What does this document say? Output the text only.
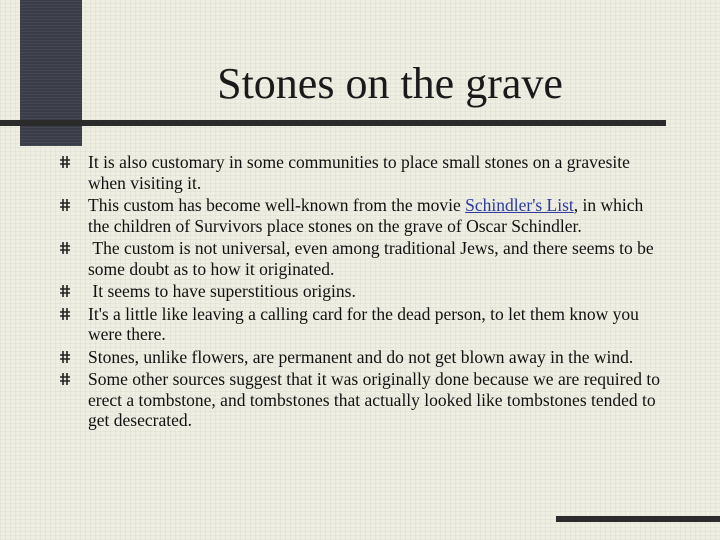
Stones on the grave
It is also customary in some communities to place small stones on a gravesite when visiting it.
This custom has become well-known from the movie Schindler's List, in which the children of Survivors place stones on the grave of Oscar Schindler.
The custom is not universal, even among traditional Jews, and there seems to be some doubt as to how it originated.
It seems to have superstitious origins.
It's a little like leaving a calling card for the dead person, to let them know you were there.
Stones, unlike flowers, are permanent and do not get blown away in the wind.
Some other sources suggest that it was originally done because we are required to erect a tombstone, and tombstones that actually looked like tombstones tended to get desecrated.
